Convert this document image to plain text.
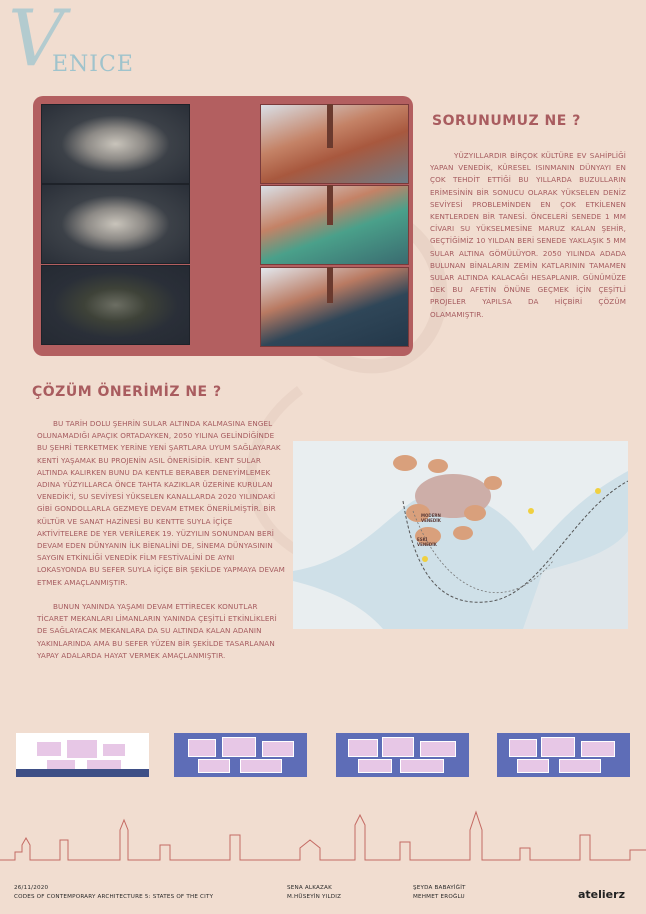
V
ENICE
SORUNUMUZ NE ?
YÜZYILLARDIR BİRÇOK KÜLTÜRE EV SAHİPLİĞİ YAPAN VENEDİK, KÜRESEL ISINMANIN DÜNYAYI EN ÇOK TEHDİT ETTİĞİ BU YILLARDA BUZULLARIN ERİMESİNİN BİR SONUCU OLARAK YÜKSELEN DENİZ SEVİYESİ PROBLEMİNDEN EN ÇOK ETKİLENEN KENTLERDEN BİR TANESİ. ÖNCELERİ SENEDE 1 MM CİVARI SU YÜKSELMESİNE MARUZ KALAN ŞEHİR, GEÇTİĞİMİZ 10 YILDAN BERİ SENEDE YAKLAŞIK 5 MM SULAR ALTINA GÖMÜLÜYOR. 2050 YILINDA ADADA BULUNAN BİNALARIN ZEMİN KATLARININ TAMAMEN SULAR ALTINDA KALACAĞI HESAPLANIR. GÜNÜMÜZE DEK BU AFETİN ÖNÜNE GEÇMEK İÇİN ÇEŞİTLİ PROJELER YAPILSA DA HİÇBİRİ ÇÖZÜM OLAMAMIŞTIR.
ÇÖZÜM ÖNERİMİZ NE ?
BU TARİH DOLU ŞEHRİN SULAR ALTINDA KALMASINA ENGEL OLUNAMADIĞI APAÇIK ORTADAYKEN, 2050 YILINA GELİNDİĞİNDE BU ŞEHRİ TERKETMEK YERİNE YENİ ŞARTLARA UYUM SAĞLAYARAK KENTİ YAŞAMAK BU PROJENİN ASIL ÖNERİSİDİR. KENT SULAR ALTINDA KALIRKEN BUNU DA KENTLE BERABER DENEYİMLEMEK ADINA YÜZYILLARCA ÖNCE TAHTA KAZIKLAR ÜZERİNE KURULAN VENEDİK'İ, SU SEVİYESİ YÜKSELEN KANALLARDA 2020 YILINDAKİ GİBİ GONDOLLARLA GEZMEYE DEVAM ETMEK ÖNERİLMİŞTİR. BİR KÜLTÜR VE SANAT HAZİNESİ BU KENTTE SUYLA İÇİÇE AKTİVİTELERE DE YER VERİLEREK 19. YÜZYILIN SONUNDAN BERİ DEVAM EDEN DÜNYANIN İLK BİENALİNİ DE, SİNEMA DÜNYASININ SAYGIN ETKİNLİĞİ VENEDİK FİLM FESTİVALİNİ DE AYNI LOKASYONDA BU SEFER SUYLA İÇİÇE BİR ŞEKİLDE YAPMAYA DEVAM ETMEK AMAÇLANMIŞTIR.
BUNUN YANINDA YAŞAMI DEVAM ETTİRECEK KONUTLAR TİCARET MEKANLARI LİMANLARIN YANINDA ÇEŞİTLİ ETKİNLİKLERİ DE SAĞLAYACAK MEKANLARA DA SU ALTINDA KALAN ADANIN YAKINLARINDA AMA BU SEFER YÜZEN BİR ŞEKİLDE TASARLANAN YAPAY ADALARDA HAYAT VERMEK AMAÇLANMIŞTIR.
MODERN VENEDİK
ESKİ VENEDİK
26/11/2020
CODES OF CONTEMPORARY ARCHITECTURE 5: STATES OF THE CITY
SENA ALKAZAK
M.HÜSEYİN YILDIZ
ŞEYDA BABAYİĞİT
MEHMET EROĞLU	atelierz
